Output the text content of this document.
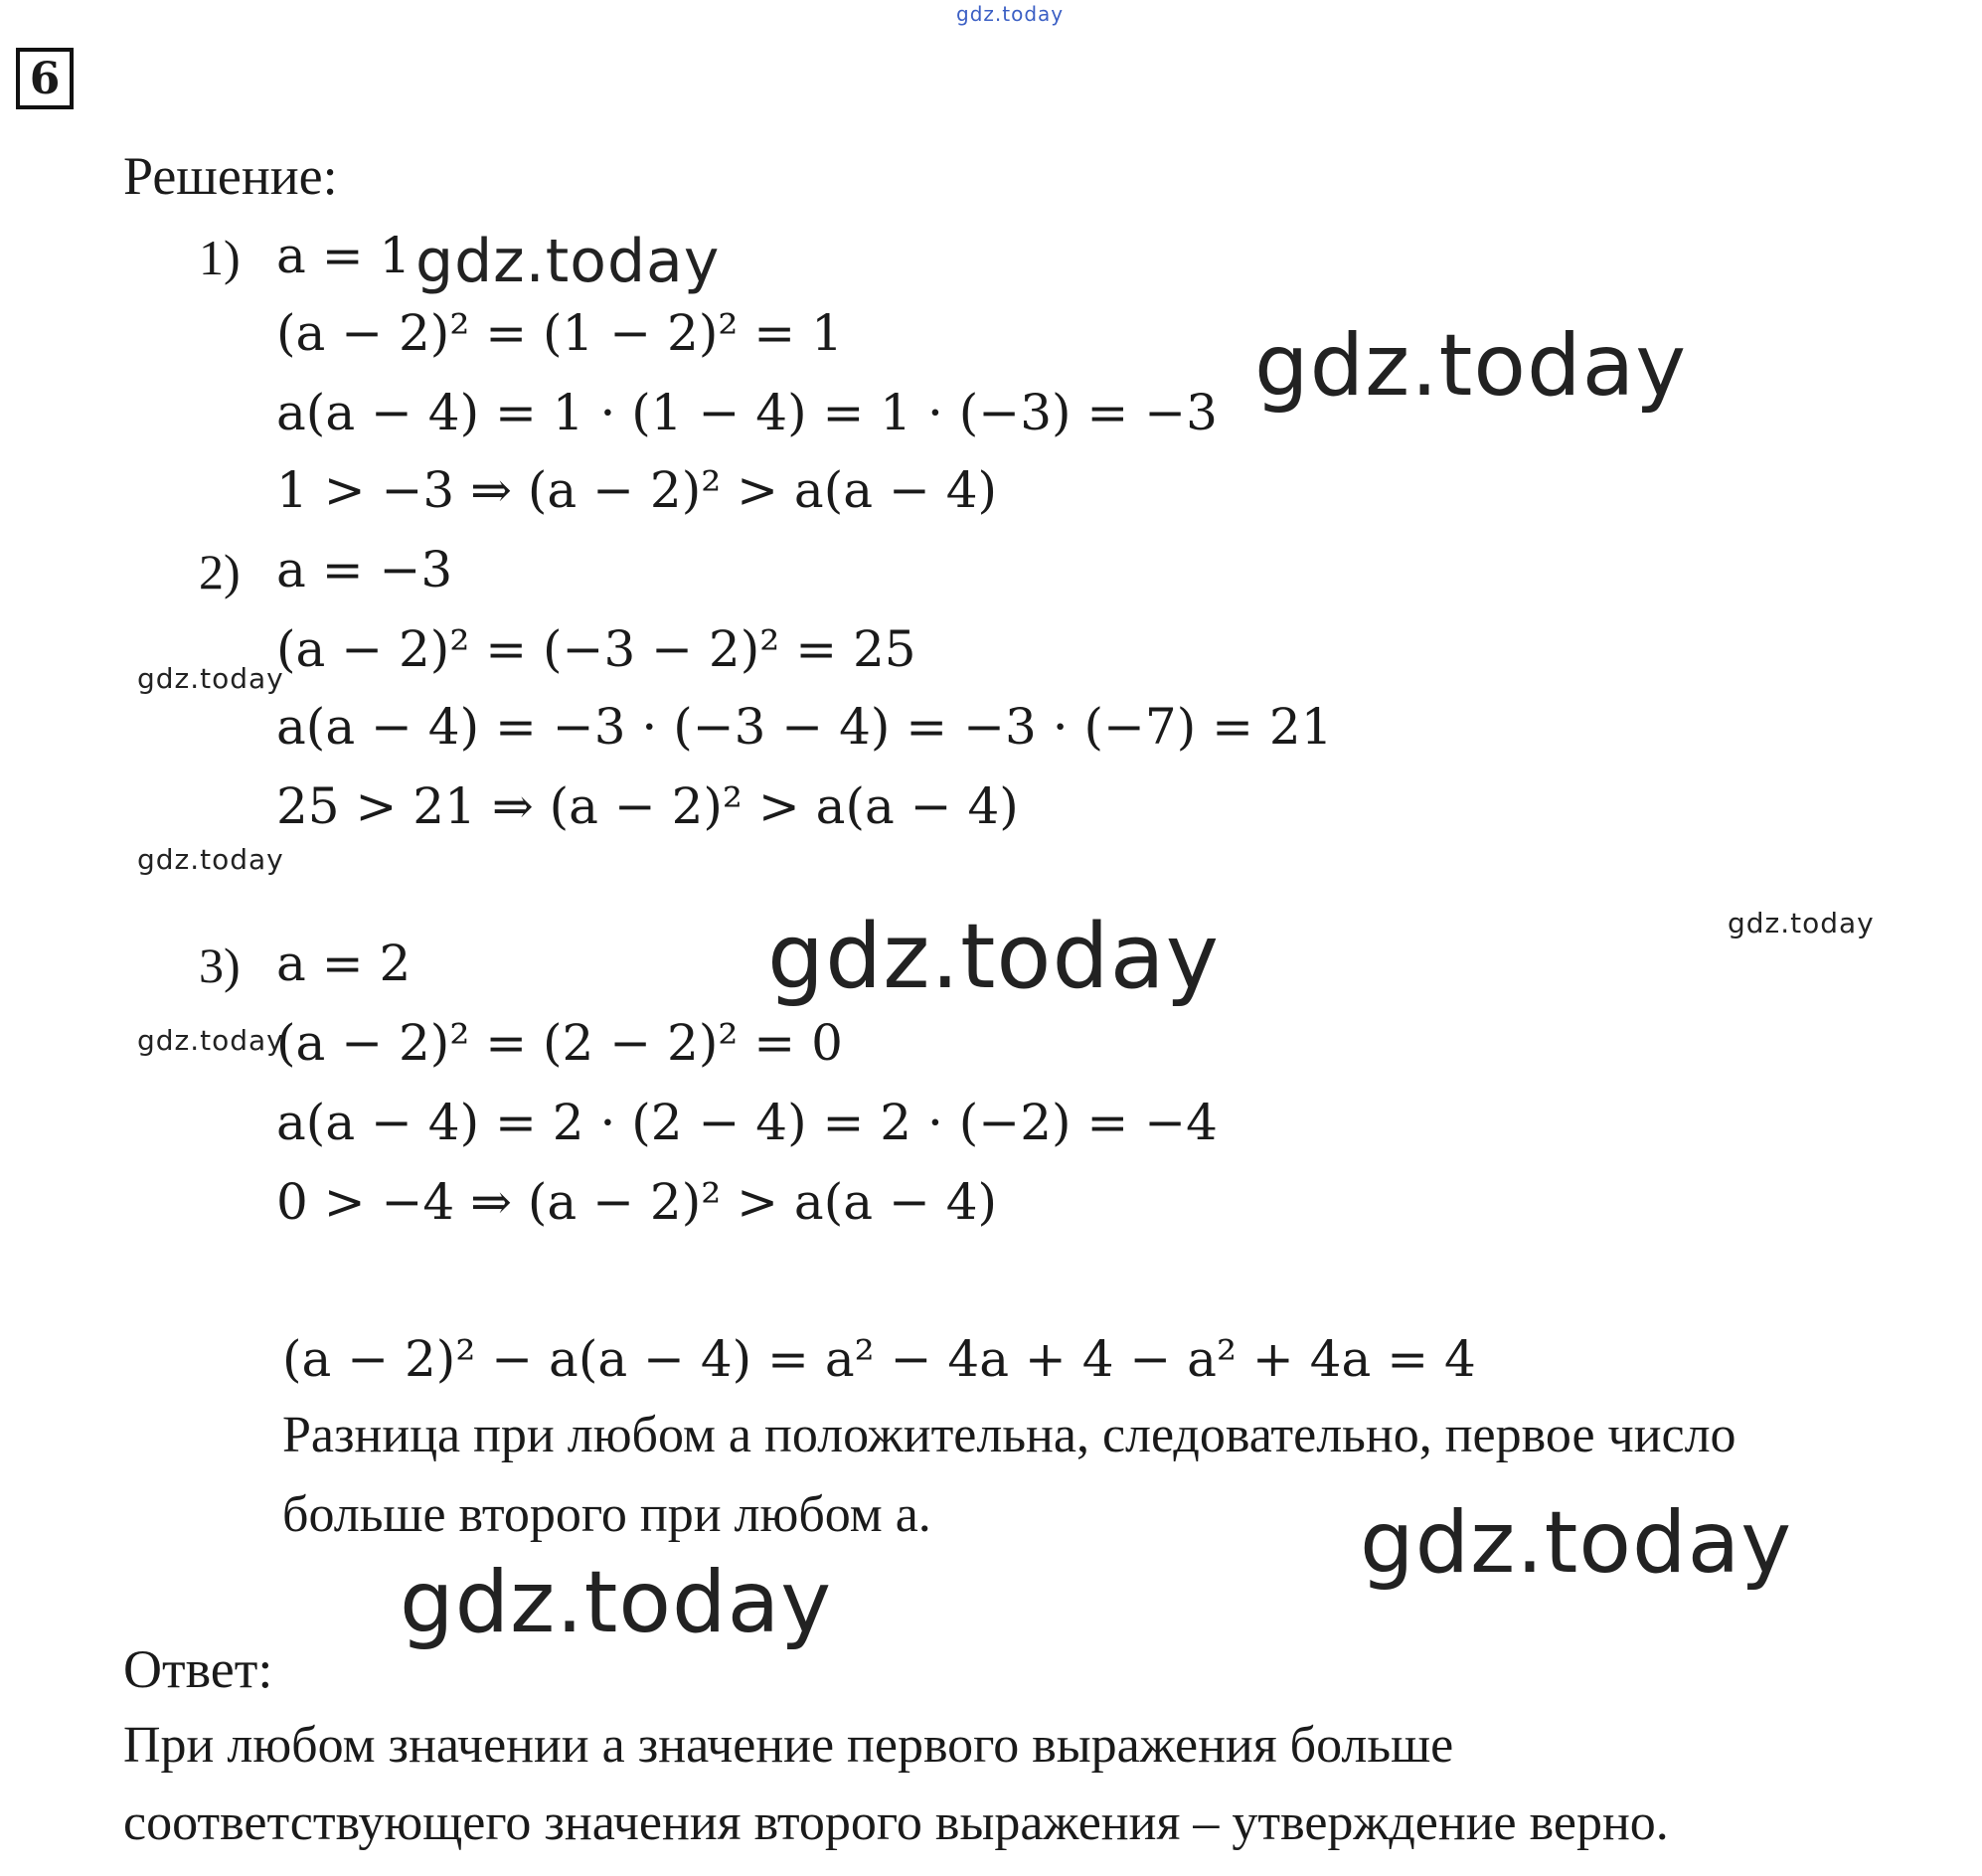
6
gdz.today
gdz.today
gdz.today
gdz.today
gdz.today
gdz.today
gdz.today
gdz.today
gdz.today
gdz.today
Решение:
1) a = 1
(a − 2)² = (1 − 2)² = 1
a(a − 4) = 1 · (1 − 4) = 1 · (−3) = −3
1 > −3 ⇒ (a − 2)² > a(a − 4)
2) a = −3
(a − 2)² = (−3 − 2)² = 25
a(a − 4) = −3 · (−3 − 4) = −3 · (−7) = 21
25 > 21 ⇒ (a − 2)² > a(a − 4)
3) a = 2
(a − 2)² = (2 − 2)² = 0
a(a − 4) = 2 · (2 − 4) = 2 · (−2) = −4
0 > −4 ⇒ (a − 2)² > a(a − 4)
(a − 2)² − a(a − 4) = a² − 4a + 4 − a² + 4a = 4
Разница при любом a положительна, следовательно, первое число
больше второго при любом a.
Ответ:
При любом значении a значение первого выражения больше
соответствующего значения второго выражения – утверждение верно.
